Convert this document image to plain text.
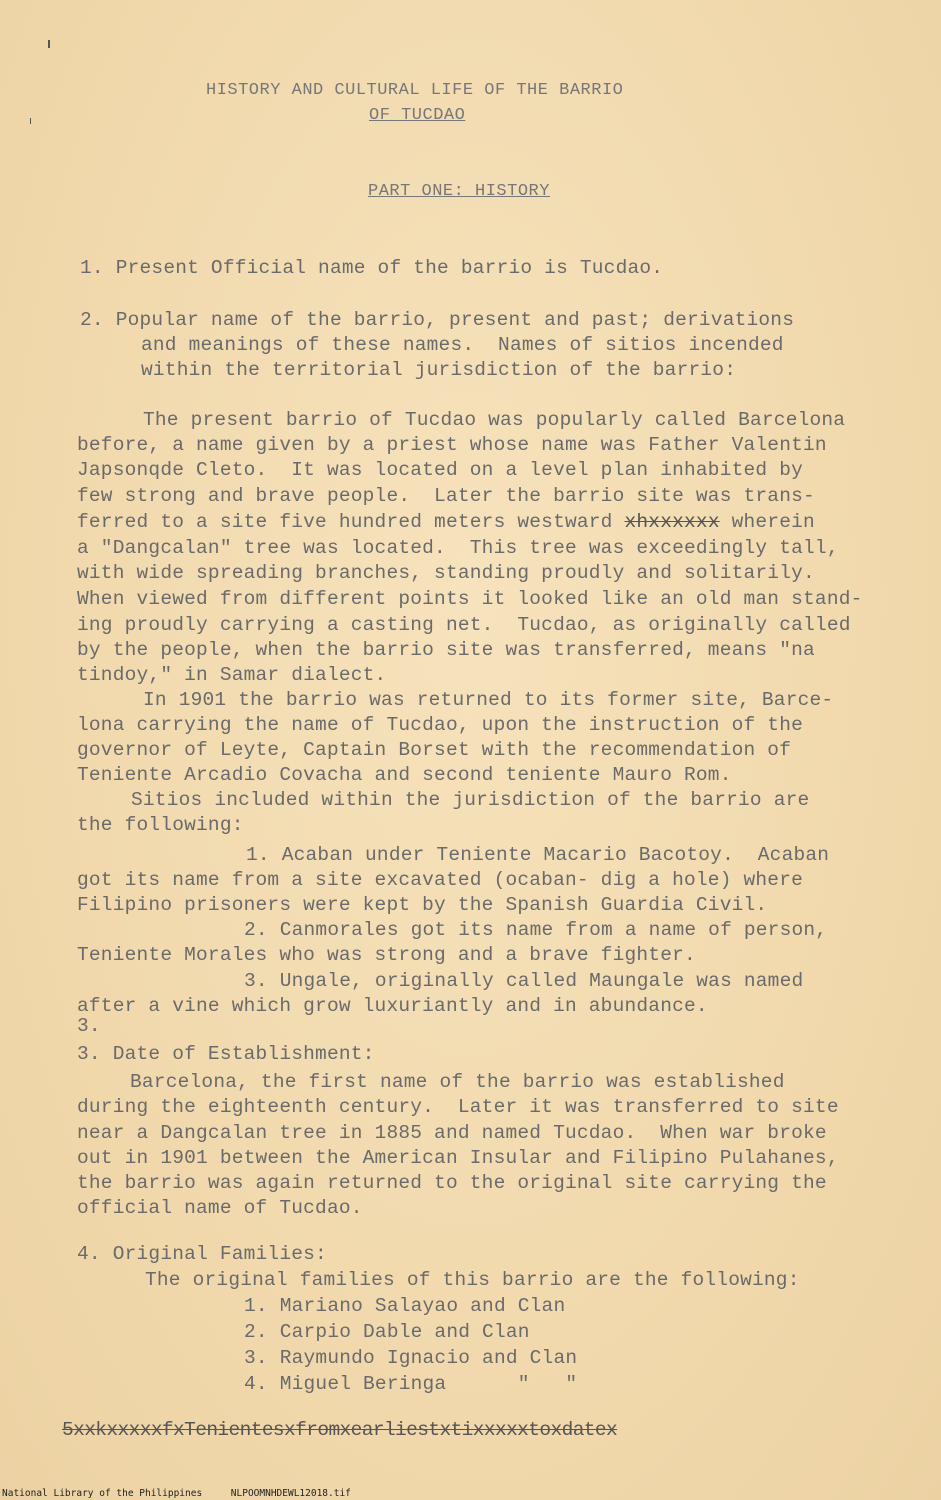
HISTORY AND CULTURAL LIFE OF THE BARRIO
OF TUCDAO
PART ONE: HISTORY
1. Present Official name of the barrio is Tucdao.
2. Popular name of the barrio, present and past; derivations
and meanings of these names.  Names of sitios incended
within the territorial jurisdiction of the barrio:
The present barrio of Tucdao was popularly called Barcelona
before, a name given by a priest whose name was Father Valentin
Japsonqde Cleto.  It was located on a level plan inhabited by
few strong and brave people.  Later the barrio site was trans-
ferred to a site five hundred meters westward xhxxxxxx wherein
a "Dangcalan" tree was located.  This tree was exceedingly tall,
with wide spreading branches, standing proudly and solitarily.
When viewed from different points it looked like an old man stand-
ing proudly carrying a casting net.  Tucdao, as originally called
by the people, when the barrio site was transferred, means "na
tindoy," in Samar dialect.
In 1901 the barrio was returned to its former site, Barce-
lona carrying the name of Tucdao, upon the instruction of the
governor of Leyte, Captain Borset with the recommendation of
Teniente Arcadio Covacha and second teniente Mauro Rom.
Sitios included within the jurisdiction of the barrio are
the following:
1. Acaban under Teniente Macario Bacotoy.  Acaban
got its name from a site excavated (ocaban- dig a hole) where
Filipino prisoners were kept by the Spanish Guardia Civil.
2. Canmorales got its name from a name of person,
Teniente Morales who was strong and a brave fighter.
3. Ungale, originally called Maungale was named
after a vine which grow luxuriantly and in abundance.
3.
3. Date of Establishment:
Barcelona, the first name of the barrio was established
during the eighteenth century.  Later it was transferred to site
near a Dangcalan tree in 1885 and named Tucdao.  When war broke
out in 1901 between the American Insular and Filipino Pulahanes,
the barrio was again returned to the original site carrying the
official name of Tucdao.
4. Original Families:
The original families of this barrio are the following:
1. Mariano Salayao and Clan
2. Carpio Dable and Clan
3. Raymundo Ignacio and Clan
4. Miguel Beringa      "   "
5xxkxxxxxfxTenientesxfromxearliestxtixxxxxtoxdatex
National Library of the Philippines	NLPOOMNHDEWL12018.tif
